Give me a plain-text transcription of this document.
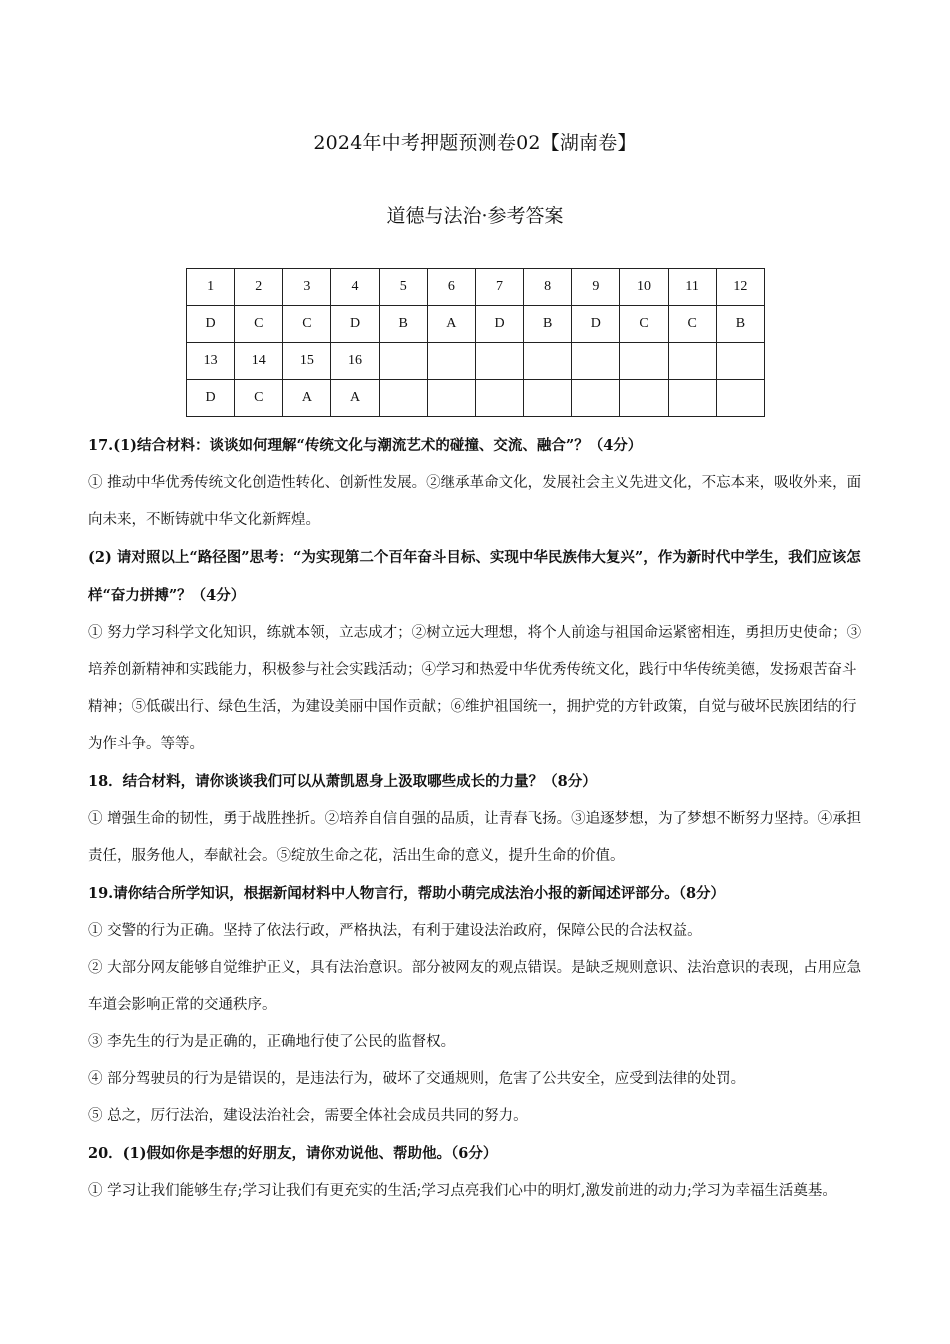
2024年中考押题预测卷02【湖南卷】
道德与法治·参考答案
1	2	3	4	5	6	7	8	9	10	11	12
D	C	C	D	B	A	D	B	D	C	C	B
13	14	15	16								
D	C	A	A								

17.(1)结合材料：谈谈如何理解“传统文化与潮流艺术的碰撞、交流、融合”？（4分）

① 推动中华优秀传统文化创造性转化、创新性发展。②继承革命文化，发展社会主义先进文化，不忘本来，吸收外来，面向未来，不断铸就中华文化新辉煌。

(2) 请对照以上“路径图”思考：“为实现第二个百年奋斗目标、实现中华民族伟大复兴”，作为新时代中学生，我们应该怎样“奋力拼搏”？（4分）

① 努力学习科学文化知识，练就本领，立志成才；②树立远大理想，将个人前途与祖国命运紧密相连，勇担历史使命；③培养创新精神和实践能力，积极参与社会实践活动；④学习和热爱中华优秀传统文化，践行中华传统美德，发扬艰苦奋斗精神；⑤低碳出行、绿色生活，为建设美丽中国作贡献；⑥维护祖国统一，拥护党的方针政策，自觉与破坏民族团结的行为作斗争。等等。

18．结合材料，请你谈谈我们可以从萧凯恩身上汲取哪些成长的力量？（8分）

① 增强生命的韧性，勇于战胜挫折。②培养自信自强的品质，让青春飞扬。③追逐梦想，为了梦想不断努力坚持。④承担责任，服务他人，奉献社会。⑤绽放生命之花，活出生命的意义，提升生命的价值。

19.请你结合所学知识，根据新闻材料中人物言行，帮助小萌完成法治小报的新闻述评部分。（8分）

① 交警的行为正确。坚持了依法行政，严格执法，有利于建设法治政府，保障公民的合法权益。

② 大部分网友能够自觉维护正义，具有法治意识。部分被网友的观点错误。是缺乏规则意识、法治意识的表现，占用应急车道会影响正常的交通秩序。

③ 李先生的行为是正确的，正确地行使了公民的监督权。

④ 部分驾驶员的行为是错误的，是违法行为，破坏了交通规则，危害了公共安全，应受到法律的处罚。

⑤ 总之，厉行法治，建设法治社会，需要全体社会成员共同的努力。

20．(1)假如你是李想的好朋友，请你劝说他、帮助他。（6分）

① 学习让我们能够生存;学习让我们有更充实的生活;学习点亮我们心中的明灯,激发前进的动力;学习为幸福生活奠基。
